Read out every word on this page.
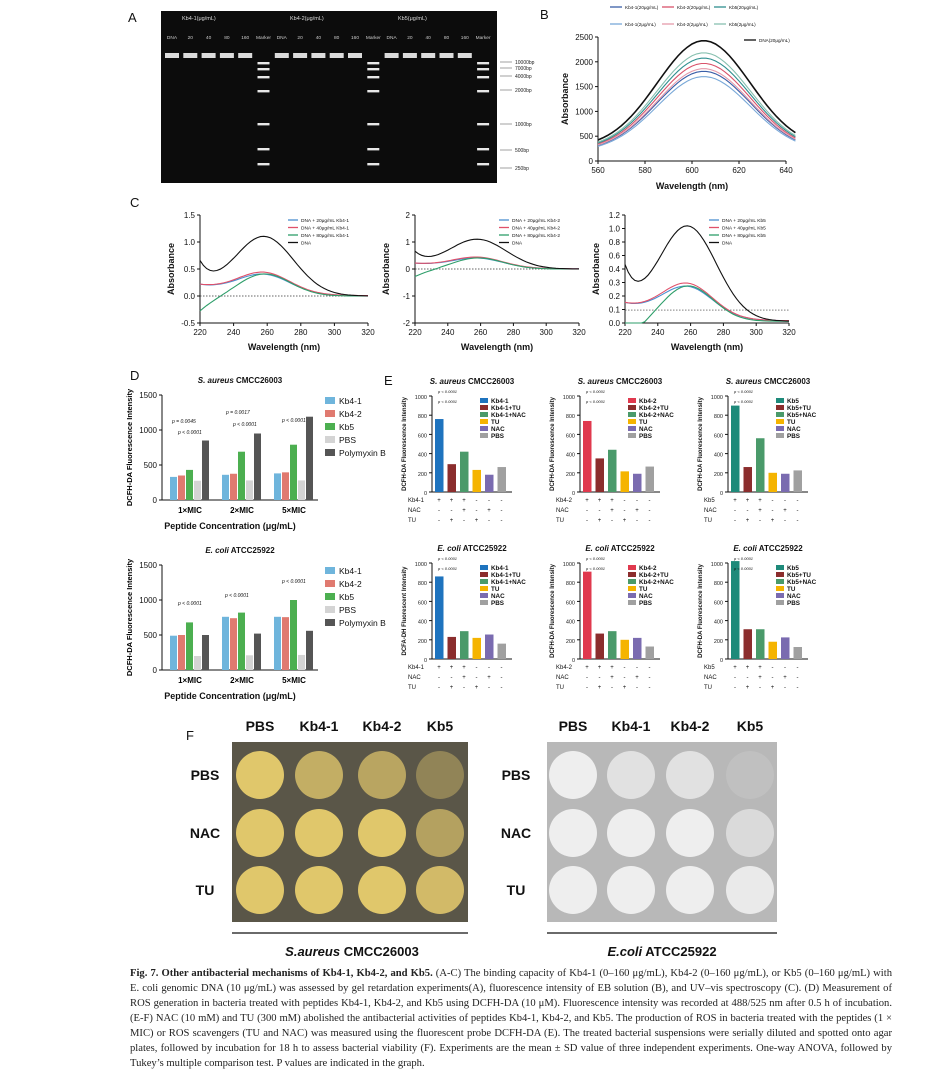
A	Kb4-1(μg/mL)	Kb4-2(μg/mL)	Kb5(μg/mL)
DNA 20	40	80 160 Marker DNA 20	40	80 160 Marker DNA 20	40	80 160 Marker
10000bp
7000bp
4000bp
2000bp
1000bp
500bp
250bp
B
560	580	600	620	640
0
500
1000
1500
2000
2500
Wavelength (nm)
Absorbance
Kb4-1(20μg/mL)	Kb4-2(20μg/mL)	Kb5(20μg/mL)
Kb4-1(2μg/mL)	Kb4-2(2μg/mL)	Kb5(2μg/mL)
DNA(20μg/mL)
C
220	240	260	280	300	320
-0.5
0.0
0.5
1.0
1.5
Wavelength (nm)
Absorbance
DNA + 20μg/mL Kb4-1
DNA + 40μg/mL Kb4-1
DNA + 80μg/mL Kb4-1
DNA
220 240 260 280 300 320
-2
-1
0
1
2
Wavelength (nm)
Absorbance
DNA + 20μg/mL Kb4-2
DNA + 40μg/mL Kb4-2
DNA + 80μg/mL Kb4-2
DNA
220 240 260 280 300 320
0.0
0.1
0.2
0.3
0.4
0.6
0.8
1.0
1.2
Wavelength (nm)
Absorbance
DNA + 20μg/mL Kb5
DNA + 40μg/mL Kb5
DNA + 80μg/mL Kb5
DNA
D	S. aureus CMCC26003
0
500
1000
1500
DCFH-DA Fluorescence Intensity
1×MIC	2×MIC	5×MIC
Peptide Concentration (μg/mL)
p = 0.0045
p < 0.0001
p = 0.0017
p < 0.0001
p < 0.0001
Kb4-1
Kb4-2
Kb5
PBS
Polymyxin B
E. coli ATCC25922
0
500
1000
1500
DCFH-DA Fluorescence Intensity
1×MIC	2×MIC	5×MIC
Peptide Concentration (μg/mL)
p < 0.0001
p < 0.0001
p < 0.0001
Kb4-1
Kb4-2
Kb5
PBS
Polymyxin B
E	S. aureus CMCC26003
0
200
400
600
800
1000
DCFH-DA Fluorescence Intensity	Kb4-1
Kb4-1+TU
Kb4-1+NAC
TU
NAC
PBS
p < 0.0001
p < 0.0001
Kb4-1 + + + - - -
NAC	- - + - + -
TU	- + - + - -
S. aureus CMCC26003
0
200
400
600
800
1000
DCFH-DA Fluorescence Intensity	Kb4-2
Kb4-2+TU
Kb4-2+NAC
TU
NAC
PBS
p < 0.0001
p < 0.0001
Kb4-2 + + + - - -
NAC	- - + - + -
TU	- + - + - -
S. aureus CMCC26003
0
200
400
600
800
1000
DCFH-DA Fluorescence Intensity	Kb5
Kb5+TU
Kb5+NAC
TU
NAC
PBS
p < 0.0001
p < 0.0001
Kb5	+ + + - - -
NAC	- - + - + -
TU	- + - + - -
E. coli ATCC25922
0
200
400
600
800
1000
DCFA-DH Fluorescent Intensity	Kb4-1
Kb4-1+TU
Kb4-1+NAC
TU
NAC
PBS
p < 0.0001
p < 0.0001
Kb4-1 + + + - - -
NAC	- - + - + -
TU	- + - + - -
E. coli ATCC25922
0
200
400
600
800
1000
DCFH-DA Fluorescence Intensity	Kb4-2
Kb4-2+TU
Kb4-2+NAC
TU
NAC
PBS
p < 0.0001
p < 0.0001
Kb4-2 + + + - - -
NAC	- - + - + -
TU	- + - + - -
E. coli ATCC25922
0
200
400
600
800
1000
DCFH-DA Fluorescence Intensity	Kb5
Kb5+TU
Kb5+NAC
TU
NAC
PBS
p < 0.0001
p < 0.0001
Kb5	+ + + - - -
NAC	- - + - + -
TU	- + - + - -
F
PBS	PBS
Kb4-1	Kb4-1
Kb4-2	Kb4-2
Kb5	Kb5
PBS	PBS
NAC	NAC
TU	TU
S.aureus CMCC26003	E.coli ATCC25922
Fig. 7. Other antibacterial mechanisms of Kb4-1, Kb4-2, and Kb5. (A-C) The binding capacity of Kb4-1 (0–160 μg/mL), Kb4-2 (0–160 μg/mL), or Kb5 (0–160 μg/mL) with E. coli genomic DNA (10 μg/mL) was assessed by gel retardation experiments(A), fluorescence intensity of EB solution (B), and UV–vis spectroscopy (C). (D) Measurement of ROS generation in bacteria treated with peptides Kb4-1, Kb4-2, and Kb5 using DCFH-DA (10 μM). Fluorescence intensity was recorded at 488/525 nm after 0.5 h of incubation. (E-F) NAC (10 mM) and TU (300 mM) abolished the antibacterial activities of peptides Kb4-1, Kb4-2, and Kb5. The production of ROS in bacteria treated with the peptides (1 × MIC) or ROS scavengers (TU and NAC) was measured using the fluorescent probe DCFH-DA (E). The treated bacterial suspensions were serially diluted and spotted onto agar plates, followed by incubation for 18 h to assess bacterial viability (F). Experiments are the mean ± SD value of three independent experiments. One-way ANOVA, followed by Tukey’s multiple comparison test. P values are indicated in the graph.
